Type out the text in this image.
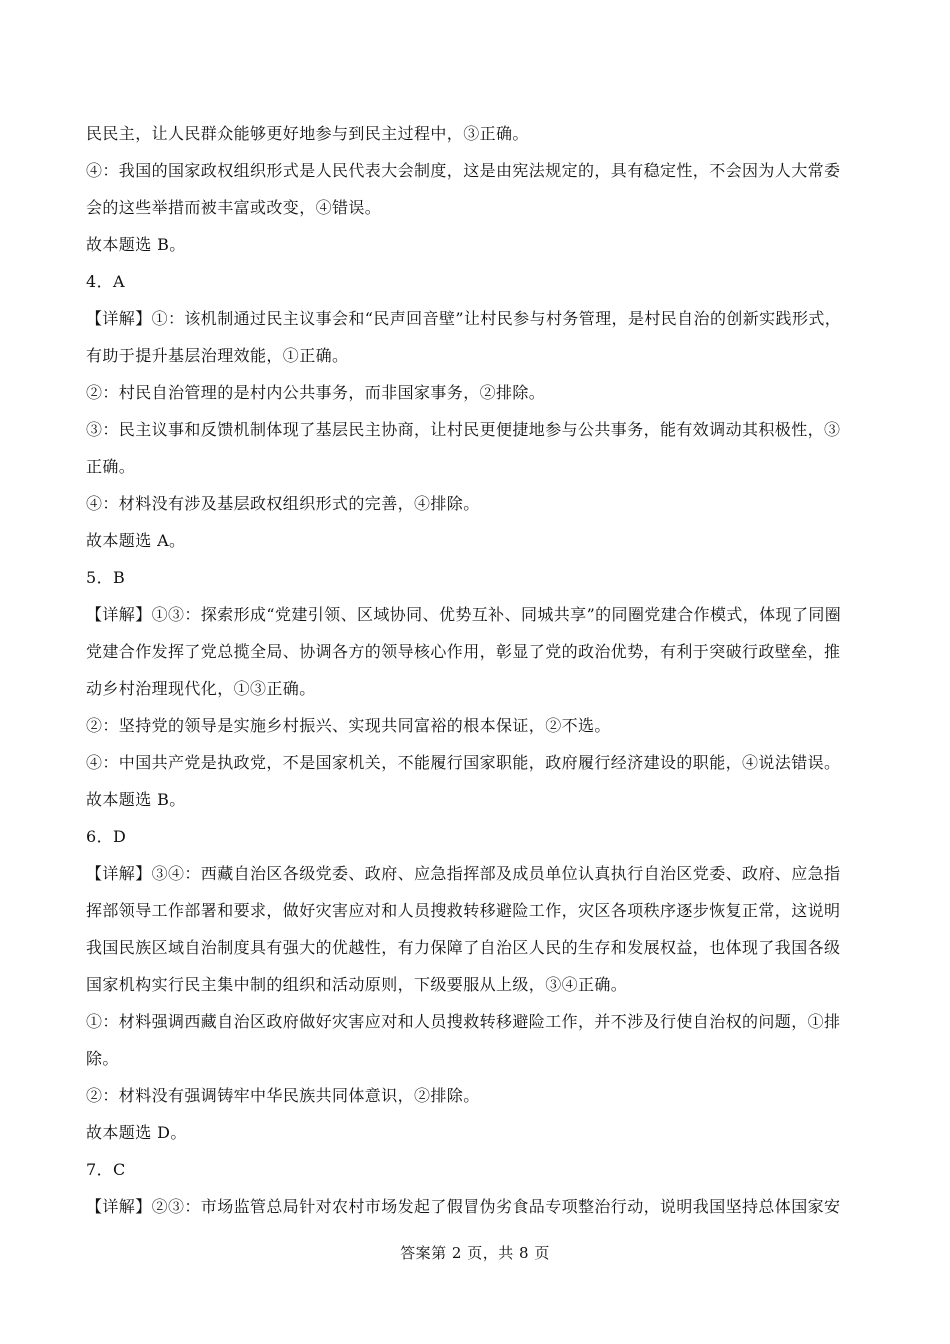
民民主，让人民群众能够更好地参与到民主过程中，③正确。
④：我国的国家政权组织形式是人民代表大会制度，这是由宪法规定的，具有稳定性，不会因为人大常委
会的这些举措而被丰富或改变，④错误。
故本题选 B。
4．A
【详解】①：该机制通过民主议事会和“民声回音壁”让村民参与村务管理，是村民自治的创新实践形式，
有助于提升基层治理效能，①正确。
②：村民自治管理的是村内公共事务，而非国家事务，②排除。
③：民主议事和反馈机制体现了基层民主协商，让村民更便捷地参与公共事务，能有效调动其积极性，③
正确。
④：材料没有涉及基层政权组织形式的完善，④排除。
故本题选 A。
5．B
【详解】①③：探索形成“党建引领、区域协同、优势互补、同城共享”的同圈党建合作模式，体现了同圈
党建合作发挥了党总揽全局、协调各方的领导核心作用，彰显了党的政治优势，有利于突破行政壁垒，推
动乡村治理现代化，①③正确。
②：坚持党的领导是实施乡村振兴、实现共同富裕的根本保证，②不选。
④：中国共产党是执政党，不是国家机关，不能履行国家职能，政府履行经济建设的职能，④说法错误。
故本题选 B。
6．D
【详解】③④：西藏自治区各级党委、政府、应急指挥部及成员单位认真执行自治区党委、政府、应急指
挥部领导工作部署和要求，做好灾害应对和人员搜救转移避险工作，灾区各项秩序逐步恢复正常，这说明
我国民族区域自治制度具有强大的优越性，有力保障了自治区人民的生存和发展权益，也体现了我国各级
国家机构实行民主集中制的组织和活动原则，下级要服从上级，③④正确。
①：材料强调西藏自治区政府做好灾害应对和人员搜救转移避险工作，并不涉及行使自治权的问题，①排
除。
②：材料没有强调铸牢中华民族共同体意识，②排除。
故本题选 D。
7．C
【详解】②③：市场监管总局针对农村市场发起了假冒伪劣食品专项整治行动，说明我国坚持总体国家安
答案第 2 页，共 8 页
